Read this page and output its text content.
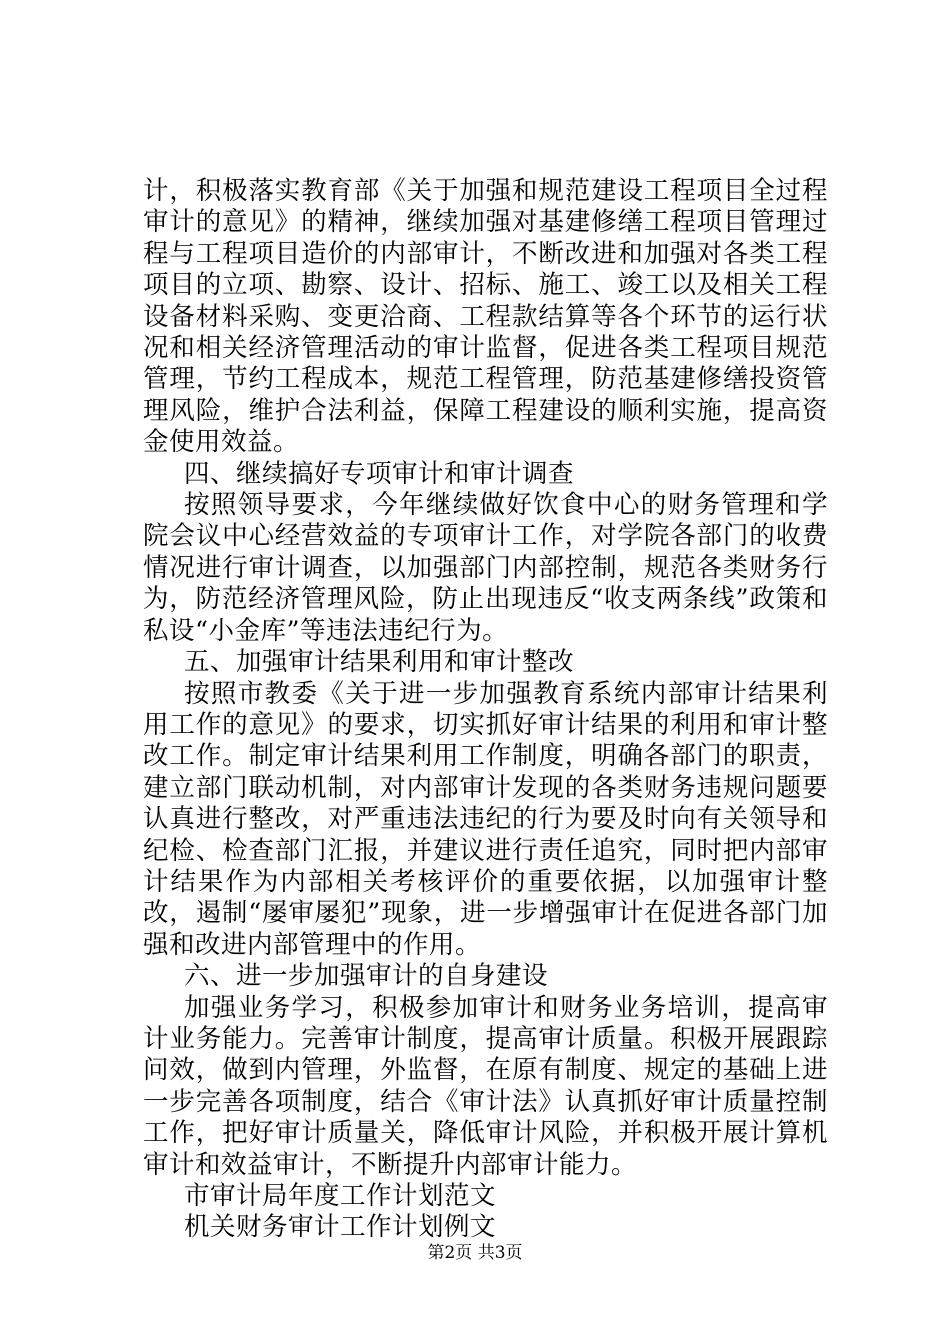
计，积极落实教育部《关于加强和规范建设工程项目全过程审计的意见》的精神，继续加强对基建修缮工程项目管理过程与工程项目造价的内部审计，不断改进和加强对各类工程项目的立项、勘察、设计、招标、施工、竣工以及相关工程设备材料采购、变更洽商、工程款结算等各个环节的运行状况和相关经济管理活动的审计监督，促进各类工程项目规范管理，节约工程成本，规范工程管理，防范基建修缮投资管理风险，维护合法利益，保障工程建设的顺利实施，提高资金使用效益。

四、继续搞好专项审计和审计调查

按照领导要求，今年继续做好饮食中心的财务管理和学院会议中心经营效益的专项审计工作，对学院各部门的收费情况进行审计调查，以加强部门内部控制，规范各类财务行为，防范经济管理风险，防止出现违反“收支两条线”政策和私设“小金库”等违法违纪行为。

五、加强审计结果利用和审计整改

按照市教委《关于进一步加强教育系统内部审计结果利用工作的意见》的要求，切实抓好审计结果的利用和审计整改工作。制定审计结果利用工作制度，明确各部门的职责，建立部门联动机制，对内部审计发现的各类财务违规问题要认真进行整改，对严重违法违纪的行为要及时向有关领导和纪检、检查部门汇报，并建议进行责任追究，同时把内部审计结果作为内部相关考核评价的重要依据，以加强审计整改，遏制“屡审屡犯”现象，进一步增强审计在促进各部门加强和改进内部管理中的作用。

六、进一步加强审计的自身建设

加强业务学习，积极参加审计和财务业务培训，提高审计业务能力。完善审计制度，提高审计质量。积极开展跟踪问效，做到内管理，外监督，在原有制度、规定的基础上进一步完善各项制度，结合《审计法》认真抓好审计质量控制工作，把好审计质量关，降低审计风险，并积极开展计算机审计和效益审计，不断提升内部审计能力。

市审计局年度工作计划范文

机关财务审计工作计划例文

第2页 共3页
